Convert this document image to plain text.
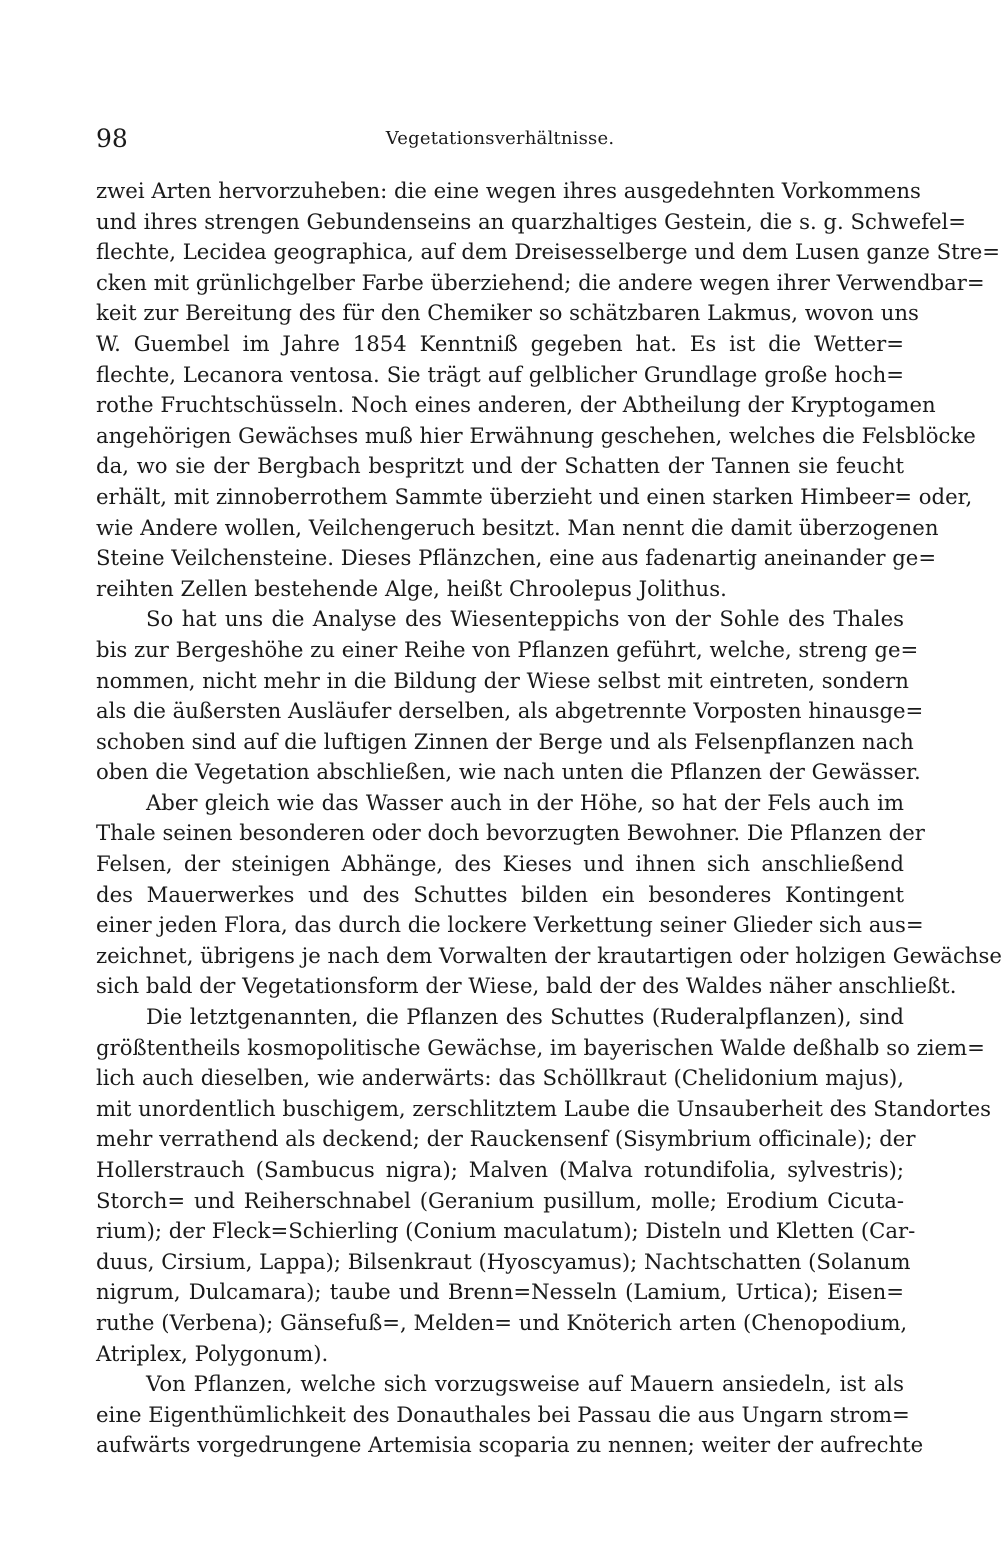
98	Vegetationsverhältnisse.
zwei Arten hervorzuheben: die eine wegen ihres ausgedehnten Vorkommens
und ihres strengen Gebundenseins an quarzhaltiges Gestein, die s. g. Schwefel=
flechte, Lecidea geographica, auf dem Dreisesselberge und dem Lusen ganze Stre=
cken mit grünlichgelber Farbe überziehend; die andere wegen ihrer Verwendbar=
keit zur Bereitung des für den Chemiker so schätzbaren Lakmus, wovon uns
W. Guembel im Jahre 1854 Kenntniß gegeben hat. Es ist die Wetter=
flechte, Lecanora ventosa. Sie trägt auf gelblicher Grundlage große hoch=
rothe Fruchtschüsseln. Noch eines anderen, der Abtheilung der Kryptogamen
angehörigen Gewächses muß hier Erwähnung geschehen, welches die Felsblöcke
da, wo sie der Bergbach bespritzt und der Schatten der Tannen sie feucht
erhält, mit zinnoberrothem Sammte überzieht und einen starken Himbeer= oder,
wie Andere wollen, Veilchengeruch besitzt. Man nennt die damit überzogenen
Steine Veilchensteine. Dieses Pflänzchen, eine aus fadenartig aneinander ge=
reihten Zellen bestehende Alge, heißt Chroolepus Jolithus.
So hat uns die Analyse des Wiesenteppichs von der Sohle des Thales
bis zur Bergeshöhe zu einer Reihe von Pflanzen geführt, welche, streng ge=
nommen, nicht mehr in die Bildung der Wiese selbst mit eintreten, sondern
als die äußersten Ausläufer derselben, als abgetrennte Vorposten hinausge=
schoben sind auf die luftigen Zinnen der Berge und als Felsenpflanzen nach
oben die Vegetation abschließen, wie nach unten die Pflanzen der Gewässer.
Aber gleich wie das Wasser auch in der Höhe, so hat der Fels auch im
Thale seinen besonderen oder doch bevorzugten Bewohner. Die Pflanzen der
Felsen, der steinigen Abhänge, des Kieses und ihnen sich anschließend
des Mauerwerkes und des Schuttes bilden ein besonderes Kontingent
einer jeden Flora, das durch die lockere Verkettung seiner Glieder sich aus=
zeichnet, übrigens je nach dem Vorwalten der krautartigen oder holzigen Gewächse
sich bald der Vegetationsform der Wiese, bald der des Waldes näher anschließt.
Die letztgenannten, die Pflanzen des Schuttes (Ruderalpflanzen), sind
größtentheils kosmopolitische Gewächse, im bayerischen Walde deßhalb so ziem=
lich auch dieselben, wie anderwärts: das Schöllkraut (Chelidonium majus),
mit unordentlich buschigem, zerschlitztem Laube die Unsauberheit des Standortes
mehr verrathend als deckend; der Rauckensenf (Sisymbrium officinale); der
Hollerstrauch (Sambucus nigra); Malven (Malva rotundifolia, sylvestris);
Storch= und Reiherschnabel (Geranium pusillum, molle; Erodium Cicuta-
rium); der Fleck=Schierling (Conium maculatum); Disteln und Kletten (Car-
duus, Cirsium, Lappa); Bilsenkraut (Hyoscyamus); Nachtschatten (Solanum
nigrum, Dulcamara); taube und Brenn=Nesseln (Lamium, Urtica); Eisen=
ruthe (Verbena); Gänsefuß=, Melden= und Knöterich arten (Chenopodium,
Atriplex, Polygonum).
Von Pflanzen, welche sich vorzugsweise auf Mauern ansiedeln, ist als
eine Eigenthümlichkeit des Donauthales bei Passau die aus Ungarn strom=
aufwärts vorgedrungene Artemisia scoparia zu nennen; weiter der aufrechte
